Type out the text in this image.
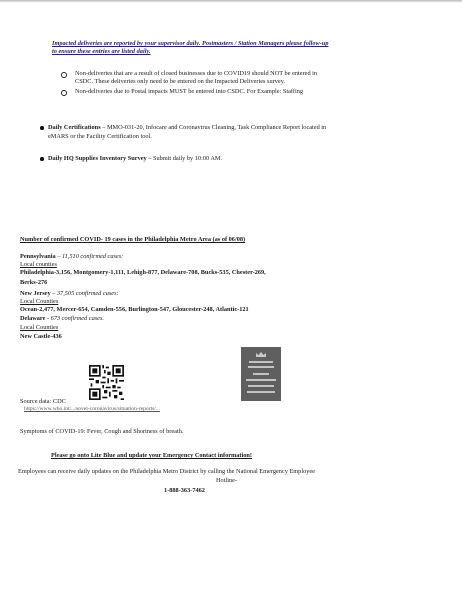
Impacted deliveries are reported by your supervisor daily. Postmasters / Station Managers please follow-up
to ensure these entries are listed daily.
Non-deliveries that are a result of closed businesses due to COVID19 should NOT be entered in
CSDC. These deliveries only need to be entered on the Impacted Deliveries survey.
Non-deliveries due to Postal impacts MUST be entered into CSDC. For Example: Staffing
Daily Certifications – MMO-031-20, Infocare and Coronavirus Cleaning, Task Compliance Report located in
eMARS or the Facility Certification tool.
Daily HQ Supplies Inventory Survey – Submit daily by 10:00 AM.
Number of confirmed COVID- 19 cases in the Philadelphia Metro Area (as of 06/08)
Pennsylvania – 11,510 confirmed cases:
Local counties
Philadelphia-3,156, Montgomery-1,111, Lehigh-877, Delaware-708, Bucks-535, Chester-269,
Berks-276
New Jersey – 37,505 confirmed cases:
Local Counties
Ocean-2,477, Mercer-654, Camden-556, Burlington-547, Gloucester-248, Atlantic-121
Delaware - 673 confirmed cases.
Local Counties
New Castle-436
Source data: CDC
https://www.who.int/...novel-coronavirus/situation-reports/...
Symptoms of COVID-19: Fever, Cough and Shortness of breath.
Please go onto Lite Blue and update your Emergency Contact information!
Employees can receive daily updates on the Philadelphia Metro District by calling the National Emergency Employee
Hotline-
1-888-363-7462
